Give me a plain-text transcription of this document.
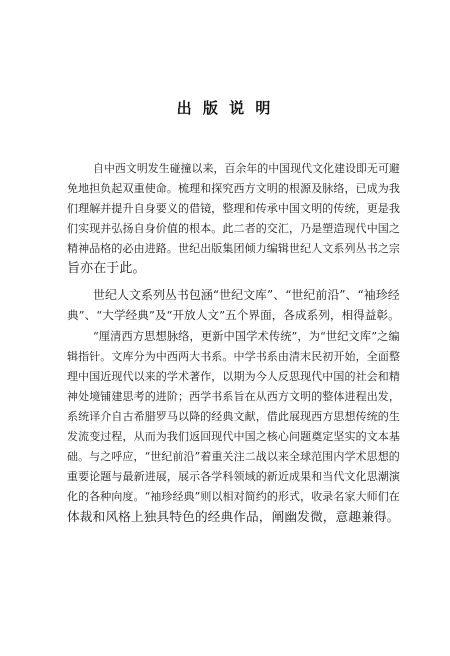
出 版 说 明
自中西文明发生碰撞以来，百余年的中国现代文化建设即无可避
免地担负起双重使命。梳理和探究西方文明的根源及脉络，已成为我
们理解并提升自身要义的借镜，整理和传承中国文明的传统，更是我
们实现并弘扬自身价值的根本。此二者的交汇，乃是塑造现代中国之
精神品格的必由进路。世纪出版集团倾力编辑世纪人文系列丛书之宗
旨亦在于此。
世纪人文系列丛书包涵“世纪文库”、“世纪前沿”、“袖珍经
典”、“大学经典”及“开放人文”五个界面，各成系列，相得益彰。
“厘清西方思想脉络，更新中国学术传统”，为“世纪文库”之编
辑指针。文库分为中西两大书系。中学书系由清末民初开始，全面整
理中国近现代以来的学术著作，以期为今人反思现代中国的社会和精
神处境铺建思考的进阶；西学书系旨在从西方文明的整体进程出发，
系统译介自古希腊罗马以降的经典文献，借此展现西方思想传统的生
发流变过程，从而为我们返回现代中国之核心问题奠定坚实的文本基
础。与之呼应，“世纪前沿”着重关注二战以来全球范围内学术思想的
重要论题与最新进展，展示各学科领域的新近成果和当代文化思潮演
化的各种向度。“袖珍经典”则以相对简约的形式，收录名家大师们在
体裁和风格上独具特色的经典作品，阐幽发微，意趣兼得。
